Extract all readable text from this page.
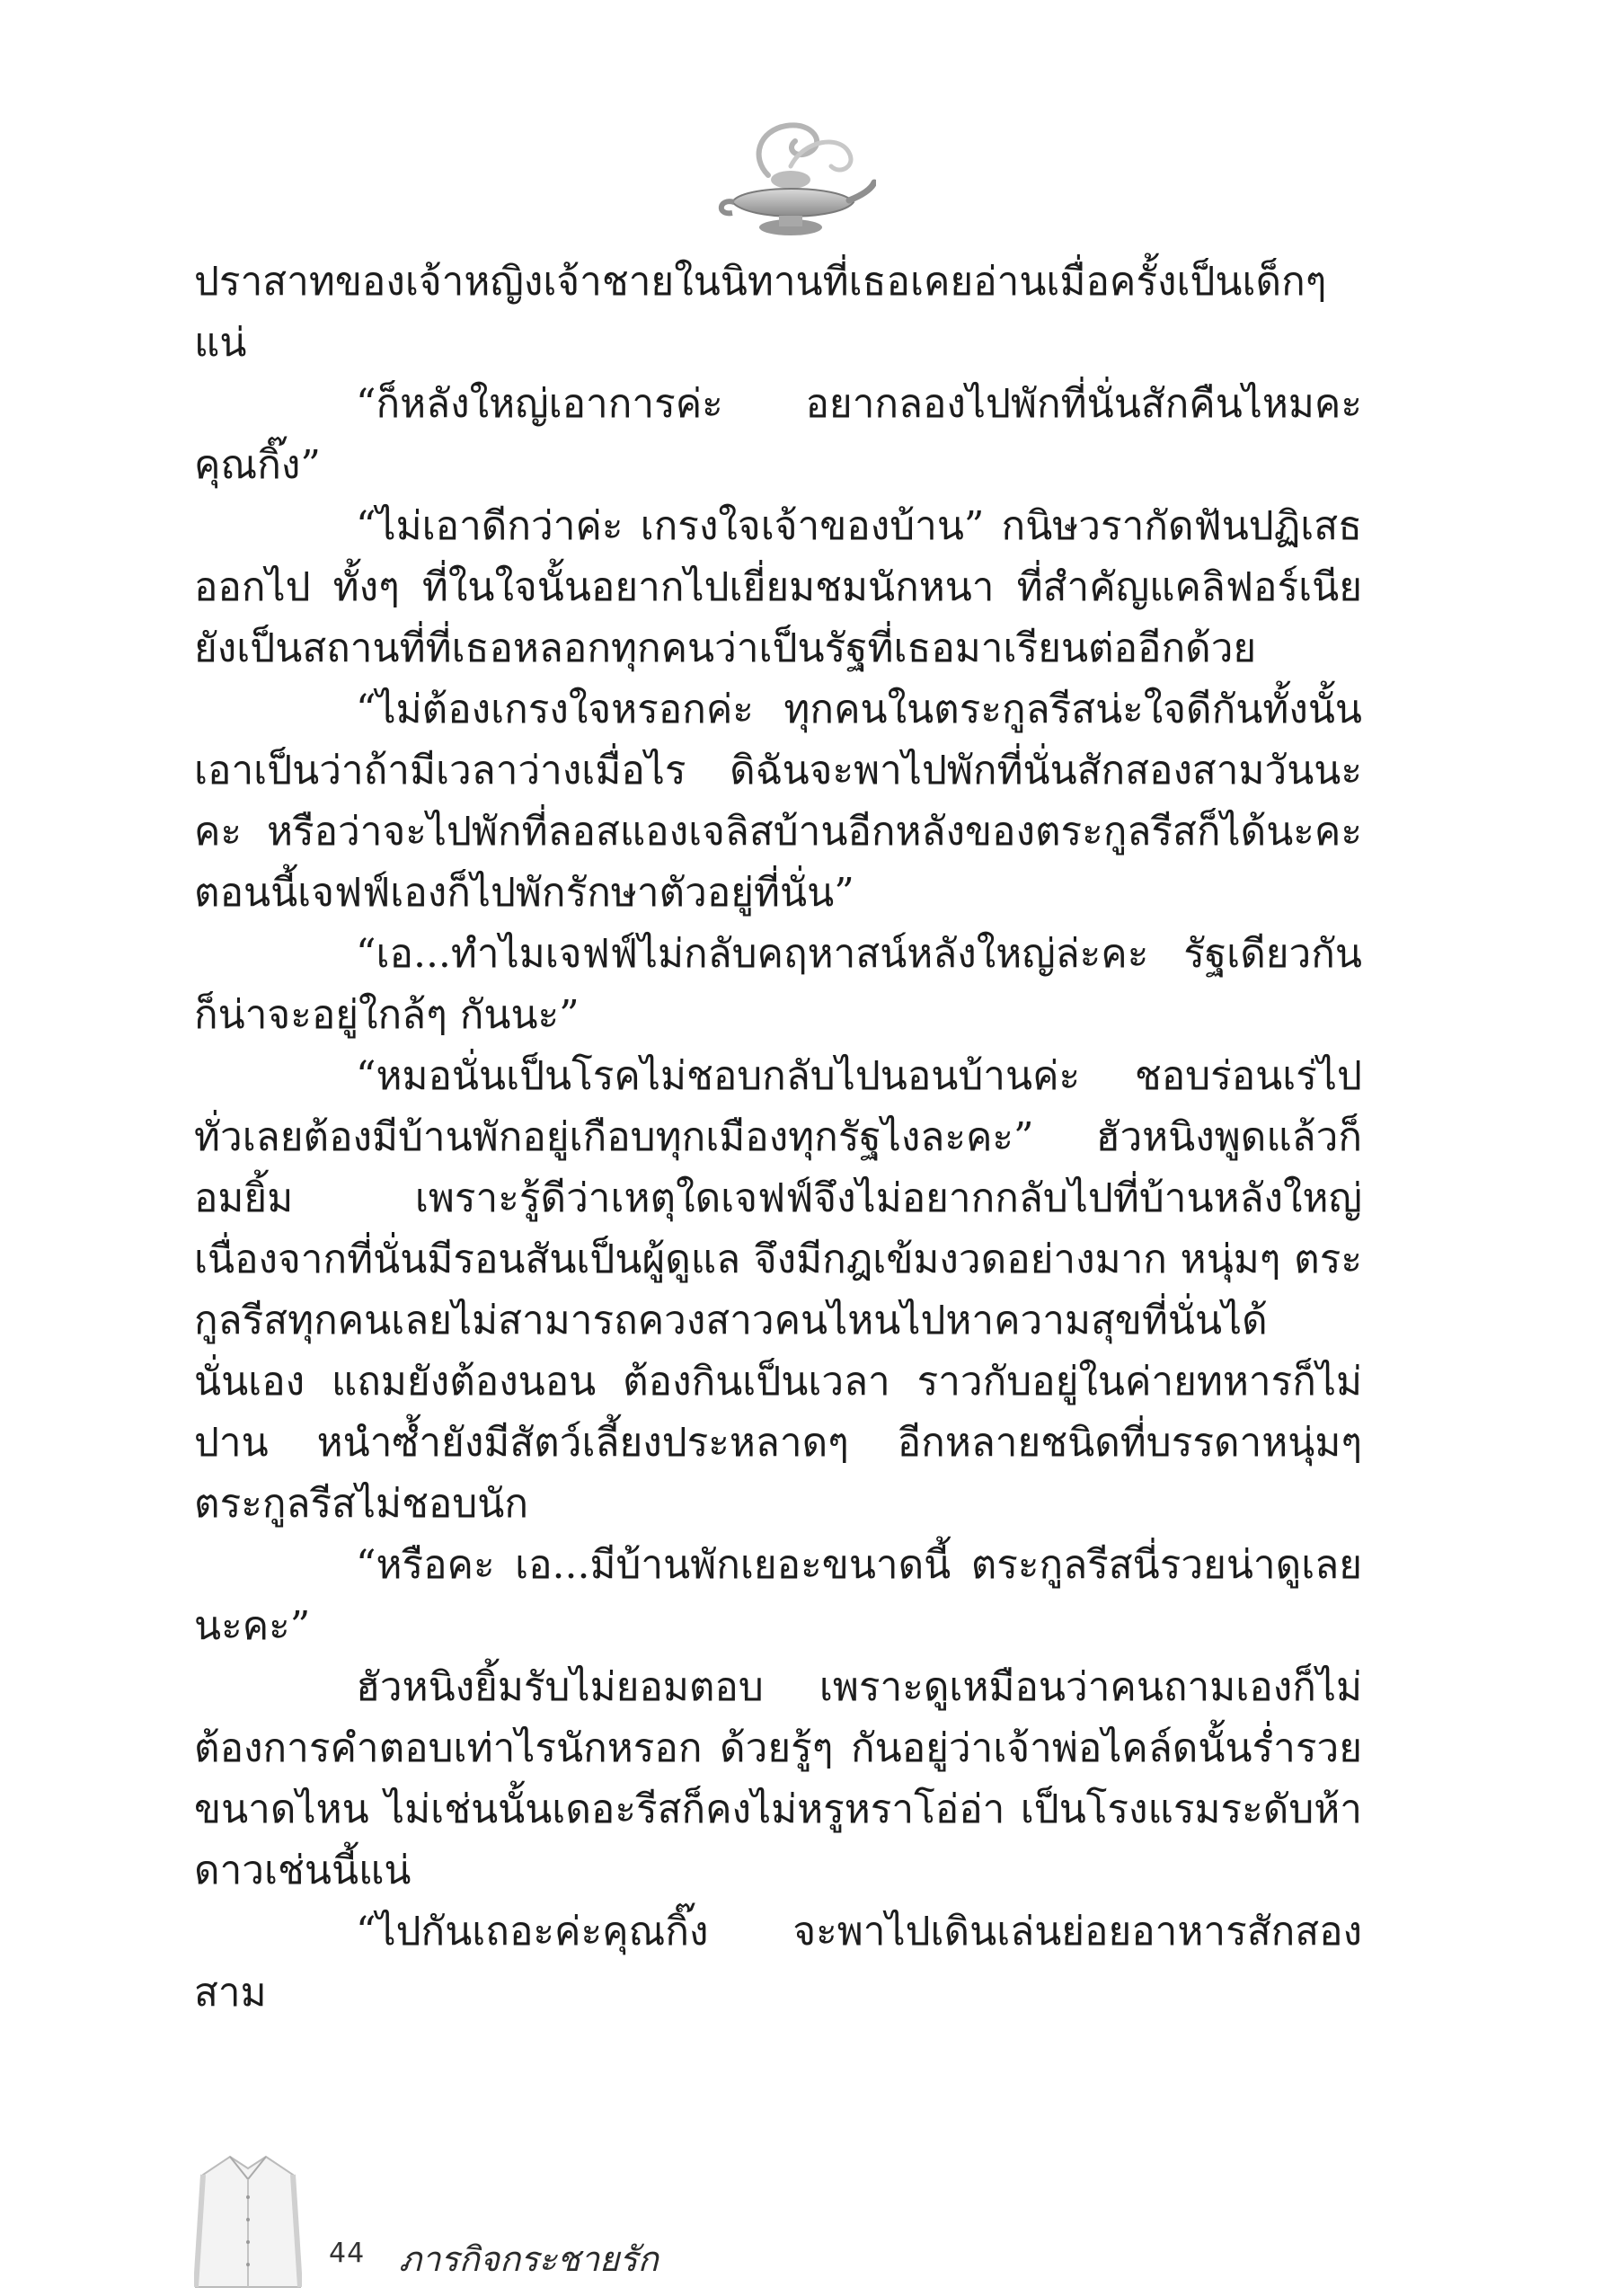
ปราสาทของเจ้าหญิงเจ้าชายในนิทานที่เธอเคยอ่านเมื่อครั้งเป็นเด็กๆ แน่

“ก็หลังใหญ่เอาการค่ะ อยากลองไปพักที่นั่นสักคืนไหมคะ คุณกิ๊ง”

“ไม่เอาดีกว่าค่ะ เกรงใจเจ้าของบ้าน” กนิษวรากัดฟันปฏิเสธออกไป ทั้งๆ ที่ในใจนั้นอยากไปเยี่ยมชมนักหนา ที่สำคัญแคลิฟอร์เนียยังเป็นสถานที่ที่เธอหลอกทุกคนว่าเป็นรัฐที่เธอมาเรียนต่ออีกด้วย

“ไม่ต้องเกรงใจหรอกค่ะ ทุกคนในตระกูลรีสน่ะใจดีกันทั้งนั้น เอาเป็นว่าถ้ามีเวลาว่างเมื่อไร ดิฉันจะพาไปพักที่นั่นสักสองสามวันนะคะ หรือว่าจะไปพักที่ลอสแองเจลิสบ้านอีกหลังของตระกูลรีสก็ได้นะคะ ตอนนี้เจฟฟ์เองก็ไปพักรักษาตัวอยู่ที่นั่น”

“เอ...ทำไมเจฟฟ์ไม่กลับคฤหาสน์หลังใหญ่ล่ะคะ รัฐเดียวกันก็น่าจะอยู่ใกล้ๆ กันนะ”

“หมอนั่นเป็นโรคไม่ชอบกลับไปนอนบ้านค่ะ ชอบร่อนเร่ไปทั่วเลยต้องมีบ้านพักอยู่เกือบทุกเมืองทุกรัฐไงละคะ” ฮัวหนิงพูดแล้วก็อมยิ้ม เพราะรู้ดีว่าเหตุใดเจฟฟ์จึงไม่อยากกลับไปที่บ้านหลังใหญ่ เนื่องจากที่นั่นมีรอนสันเป็นผู้ดูแล จึงมีกฎเข้มงวดอย่างมาก หนุ่มๆ ตระกูลรีสทุกคนเลยไม่สามารถควงสาวคนไหนไปหาความสุขที่นั่นได้นั่นเอง แถมยังต้องนอน ต้องกินเป็นเวลา ราวกับอยู่ในค่ายทหารก็ไม่ปาน หนำซ้ำยังมีสัตว์เลี้ยงประหลาดๆ อีกหลายชนิดที่บรรดาหนุ่มๆ ตระกูลรีสไม่ชอบนัก

“หรือคะ เอ...มีบ้านพักเยอะขนาดนี้ ตระกูลรีสนี่รวยน่าดูเลยนะคะ”

ฮัวหนิงยิ้มรับไม่ยอมตอบ เพราะดูเหมือนว่าคนถามเองก็ไม่ต้องการคำตอบเท่าไรนักหรอก ด้วยรู้ๆ กันอยู่ว่าเจ้าพ่อไคล์ดนั้นร่ำรวยขนาดไหน ไม่เช่นนั้นเดอะรีสก็คงไม่หรูหราโอ่อ่า เป็นโรงแรมระดับห้าดาวเช่นนี้แน่

“ไปกันเถอะค่ะคุณกิ๊ง จะพาไปเดินเล่นย่อยอาหารสักสองสาม

44 ภารกิจกระชายรัก
